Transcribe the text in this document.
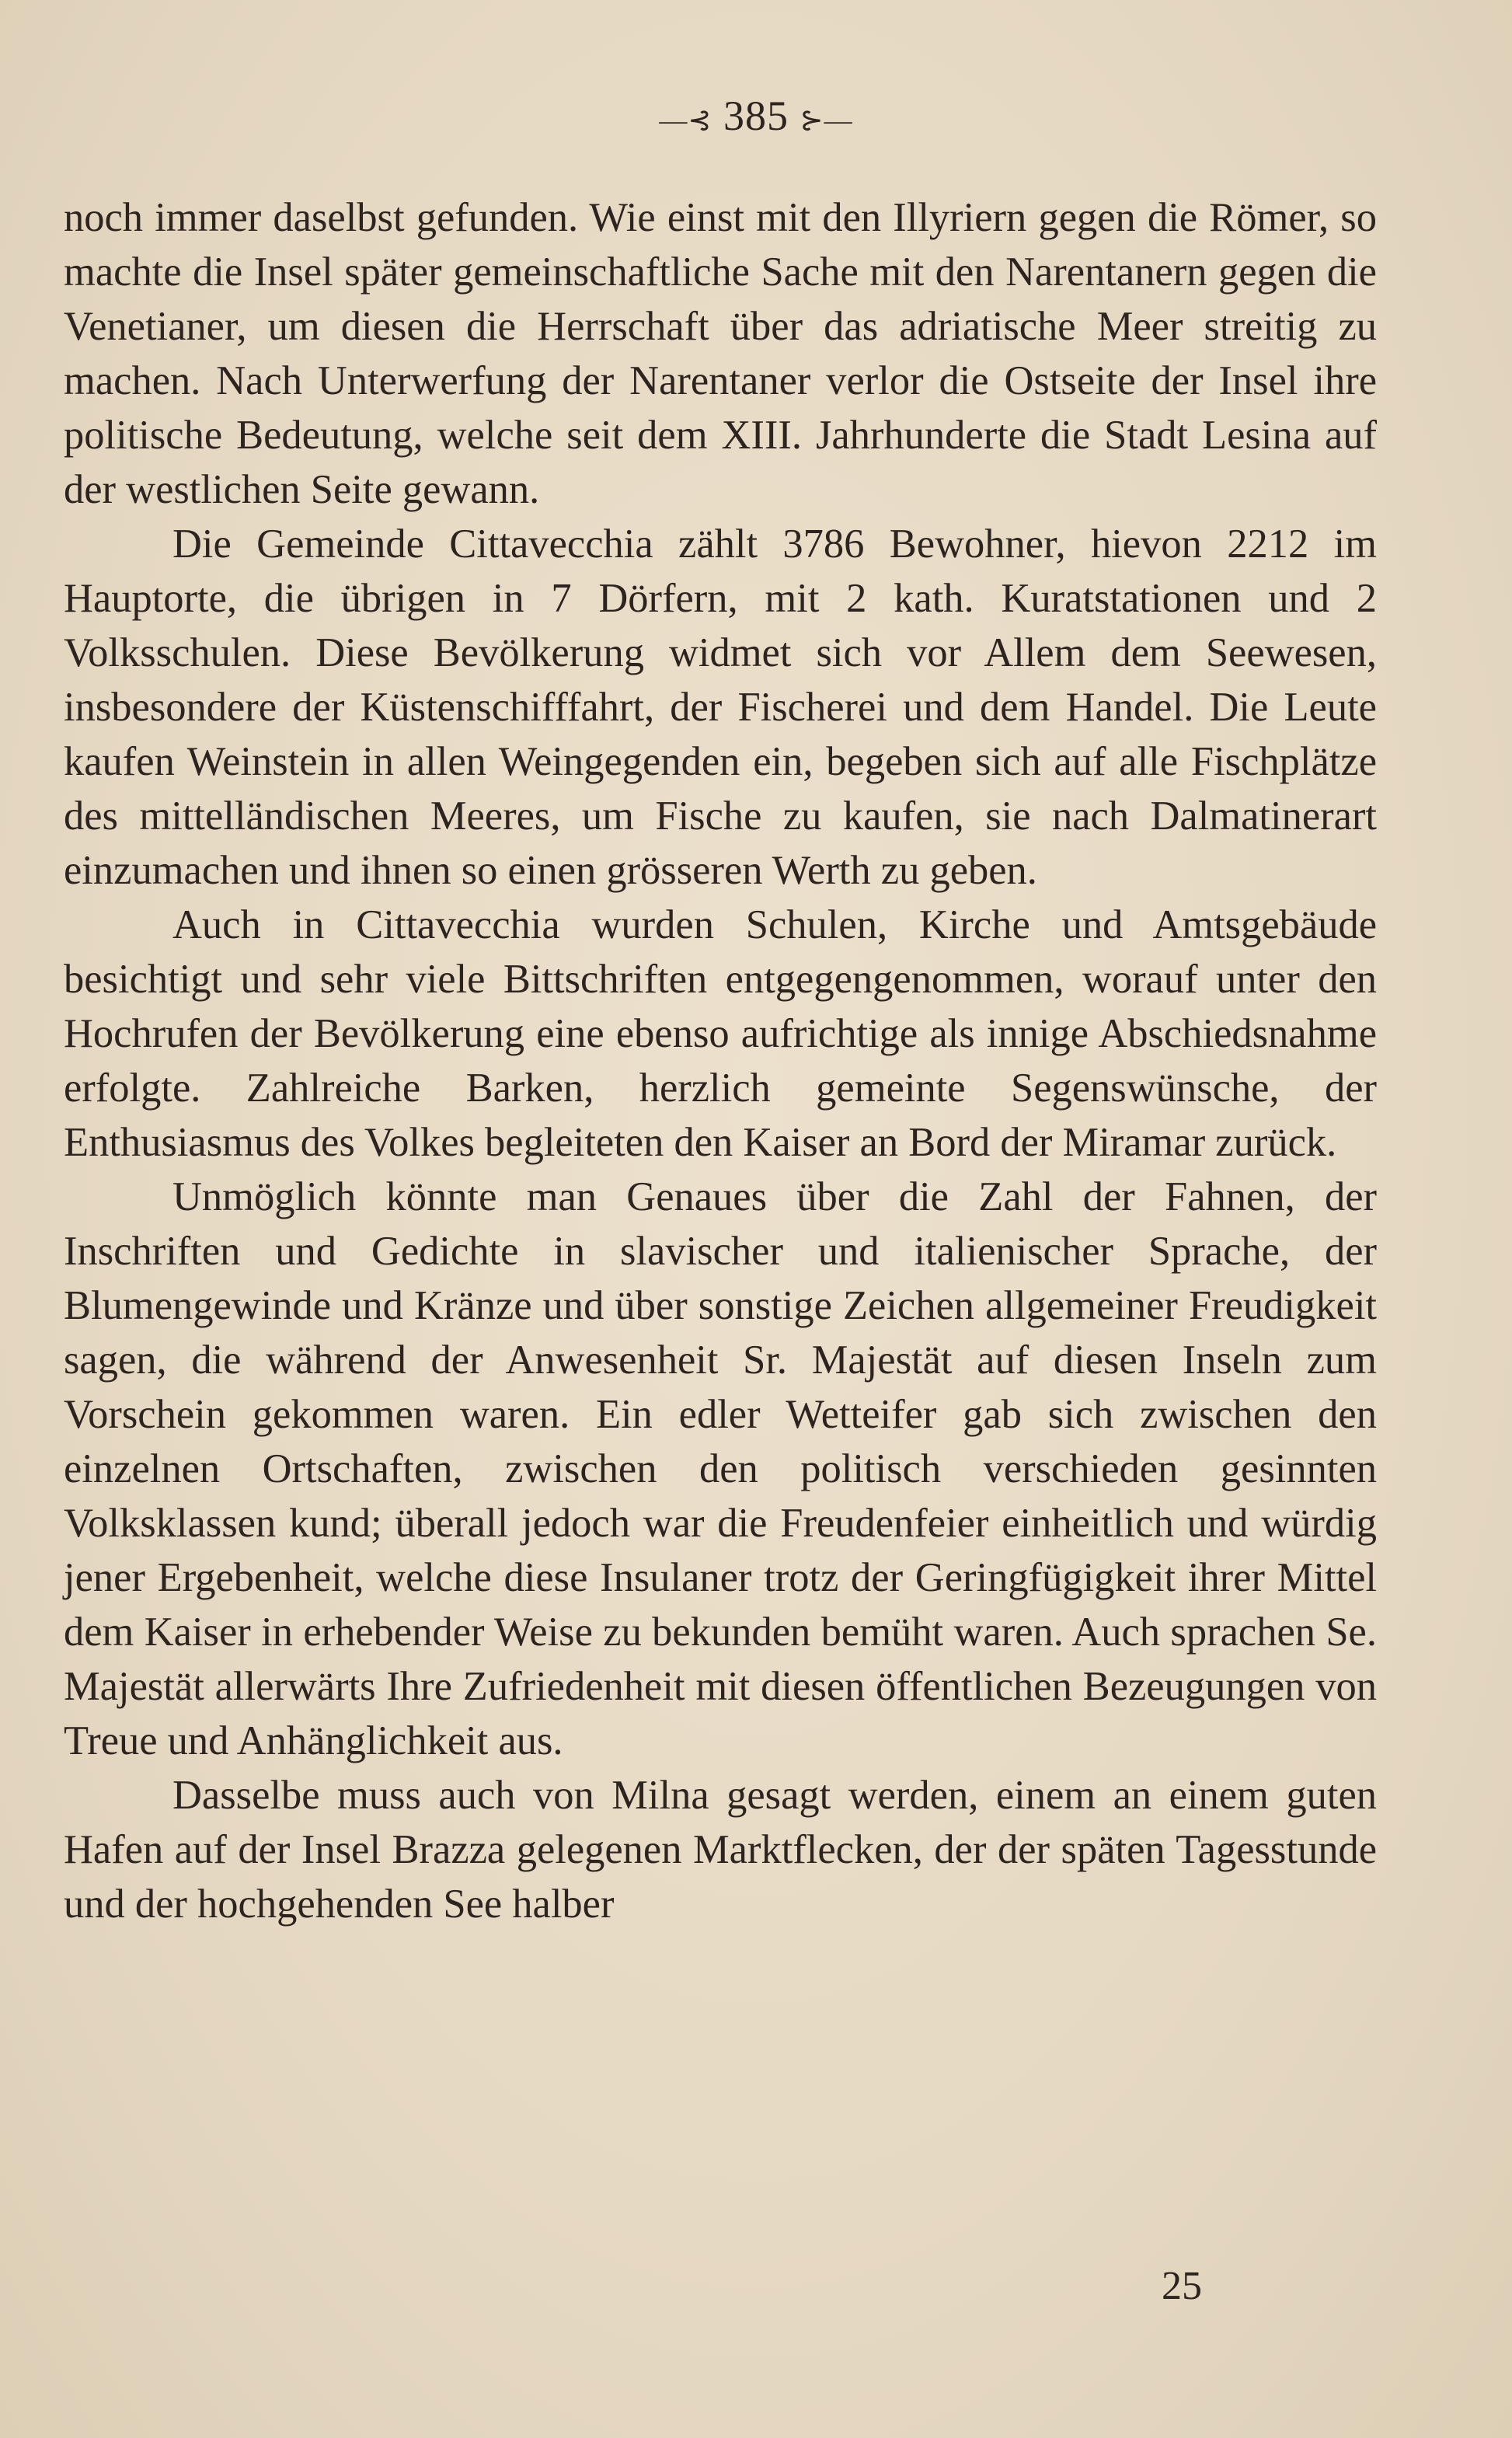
—⊰ 385 ⊱—

noch immer daselbst gefunden. Wie einst mit den Illyriern gegen die Römer, so machte die Insel später gemeinschaftliche Sache mit den Narentanern gegen die Venetianer, um diesen die Herrschaft über das adriatische Meer streitig zu machen. Nach Unterwerfung der Narentaner verlor die Ostseite der Insel ihre politische Bedeutung, welche seit dem XIII. Jahrhunderte die Stadt Lesina auf der westlichen Seite gewann.

Die Gemeinde Cittavecchia zählt 3786 Bewohner, hievon 2212 im Hauptorte, die übrigen in 7 Dörfern, mit 2 kath. Kuratstationen und 2 Volksschulen. Diese Bevölkerung widmet sich vor Allem dem Seewesen, insbesondere der Küstenschifffahrt, der Fischerei und dem Handel. Die Leute kaufen Weinstein in allen Weingegenden ein, begeben sich auf alle Fischplätze des mittelländischen Meeres, um Fische zu kaufen, sie nach Dalmatinerart einzumachen und ihnen so einen grösseren Werth zu geben.

Auch in Cittavecchia wurden Schulen, Kirche und Amtsgebäude besichtigt und sehr viele Bittschriften entgegengenommen, worauf unter den Hochrufen der Bevölkerung eine ebenso aufrichtige als innige Abschiedsnahme erfolgte. Zahlreiche Barken, herzlich gemeinte Segenswünsche, der Enthusiasmus des Volkes begleiteten den Kaiser an Bord der Miramar zurück.

Unmöglich könnte man Genaues über die Zahl der Fahnen, der Inschriften und Gedichte in slavischer und italienischer Sprache, der Blumengewinde und Kränze und über sonstige Zeichen allgemeiner Freudigkeit sagen, die während der Anwesenheit Sr. Majestät auf diesen Inseln zum Vorschein gekommen waren. Ein edler Wetteifer gab sich zwischen den einzelnen Ortschaften, zwischen den politisch verschieden gesinnten Volksklassen kund; überall jedoch war die Freudenfeier einheitlich und würdig jener Ergebenheit, welche diese Insulaner trotz der Geringfügigkeit ihrer Mittel dem Kaiser in erhebender Weise zu bekunden bemüht waren. Auch sprachen Se. Majestät allerwärts Ihre Zufriedenheit mit diesen öffentlichen Bezeugungen von Treue und Anhänglichkeit aus.

Dasselbe muss auch von Milna gesagt werden, einem an einem guten Hafen auf der Insel Brazza gelegenen Marktflecken, der der späten Tagesstunde und der hochgehenden See halber

25
